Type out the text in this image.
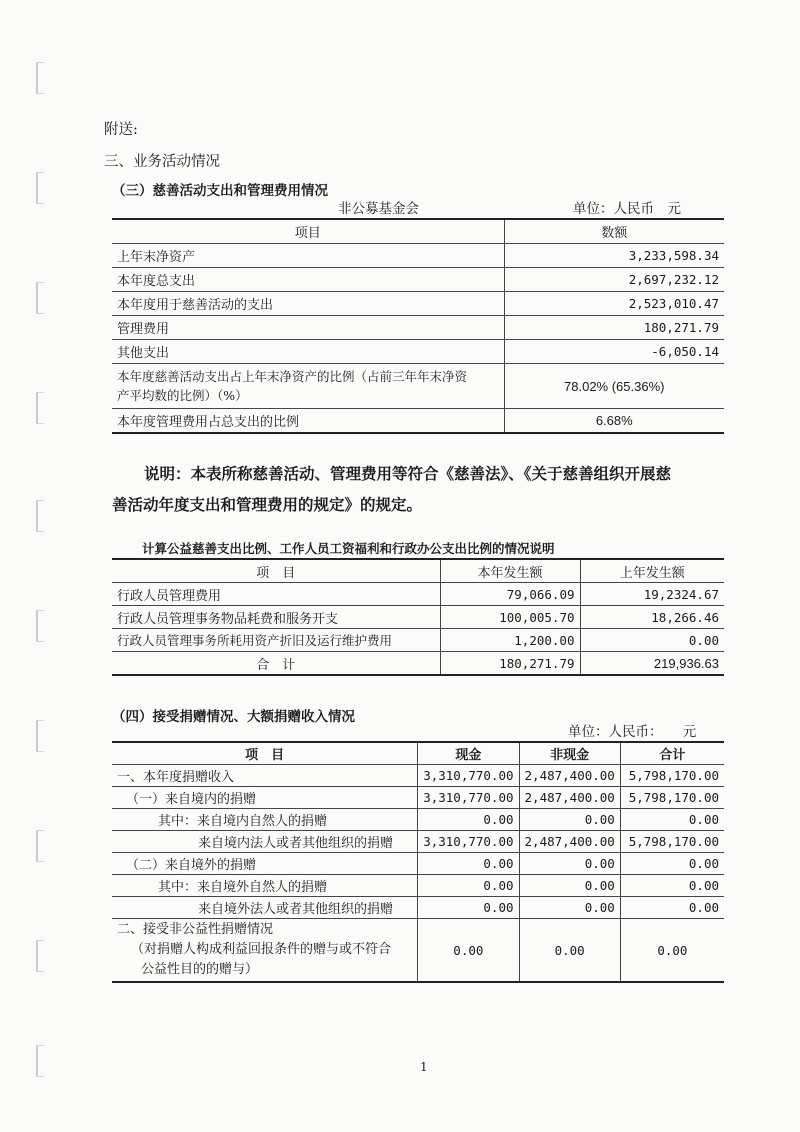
附送:
三、业务活动情况
（三）慈善活动支出和管理费用情况
非公募基金会	单位：人民币　元
项目	数额
上年末净资产	3,233,598.34
本年度总支出	2,697,232.12
本年度用于慈善活动的支出	2,523,010.47
管理费用	180,271.79
其他支出	-6,050.14

本年度慈善活动支出占上年末净资产的比例（占前三年年末净资
产平均数的比例）（%）	78.02% (65.36%)
本年度管理费用占总支出的比例	6.68%

说明：本表所称慈善活动、管理费用等符合《慈善法》、《关于慈善组织开展慈

善活动年度支出和管理费用的规定》的规定。
计算公益慈善支出比例、工作人员工资福利和行政办公支出比例的情况说明
项　目	本年发生额	上年发生额
行政人员管理费用	79,066.09	19,2324.67
行政人员管理事务物品耗费和服务开支	100,005.70	18,266.46
行政人员管理事务所耗用资产折旧及运行维护费用	1,200.00	0.00
合　计	180,271.79	219,936.63
（四）接受捐赠情况、大额捐赠收入情况
单位：人民币：　　元
项　目	现金	非现金	合计
一、本年度捐赠收入	3,310,770.00	2,487,400.00	5,798,170.00
（一）来自境内的捐赠	3,310,770.00	2,487,400.00	5,798,170.00
其中：来自境内自然人的捐赠	0.00	0.00	0.00
来自境内法人或者其他组织的捐赠	3,310,770.00	2,487,400.00	5,798,170.00
（二）来自境外的捐赠	0.00	0.00	0.00
其中：来自境外自然人的捐赠	0.00	0.00	0.00
来自境外法人或者其他组织的捐赠	0.00	0.00	0.00

二、接受非公益性捐赠情况
（对捐赠人构成利益回报条件的赠与或不符合
公益性目的的赠与）	0.00	0.00	0.00
1
